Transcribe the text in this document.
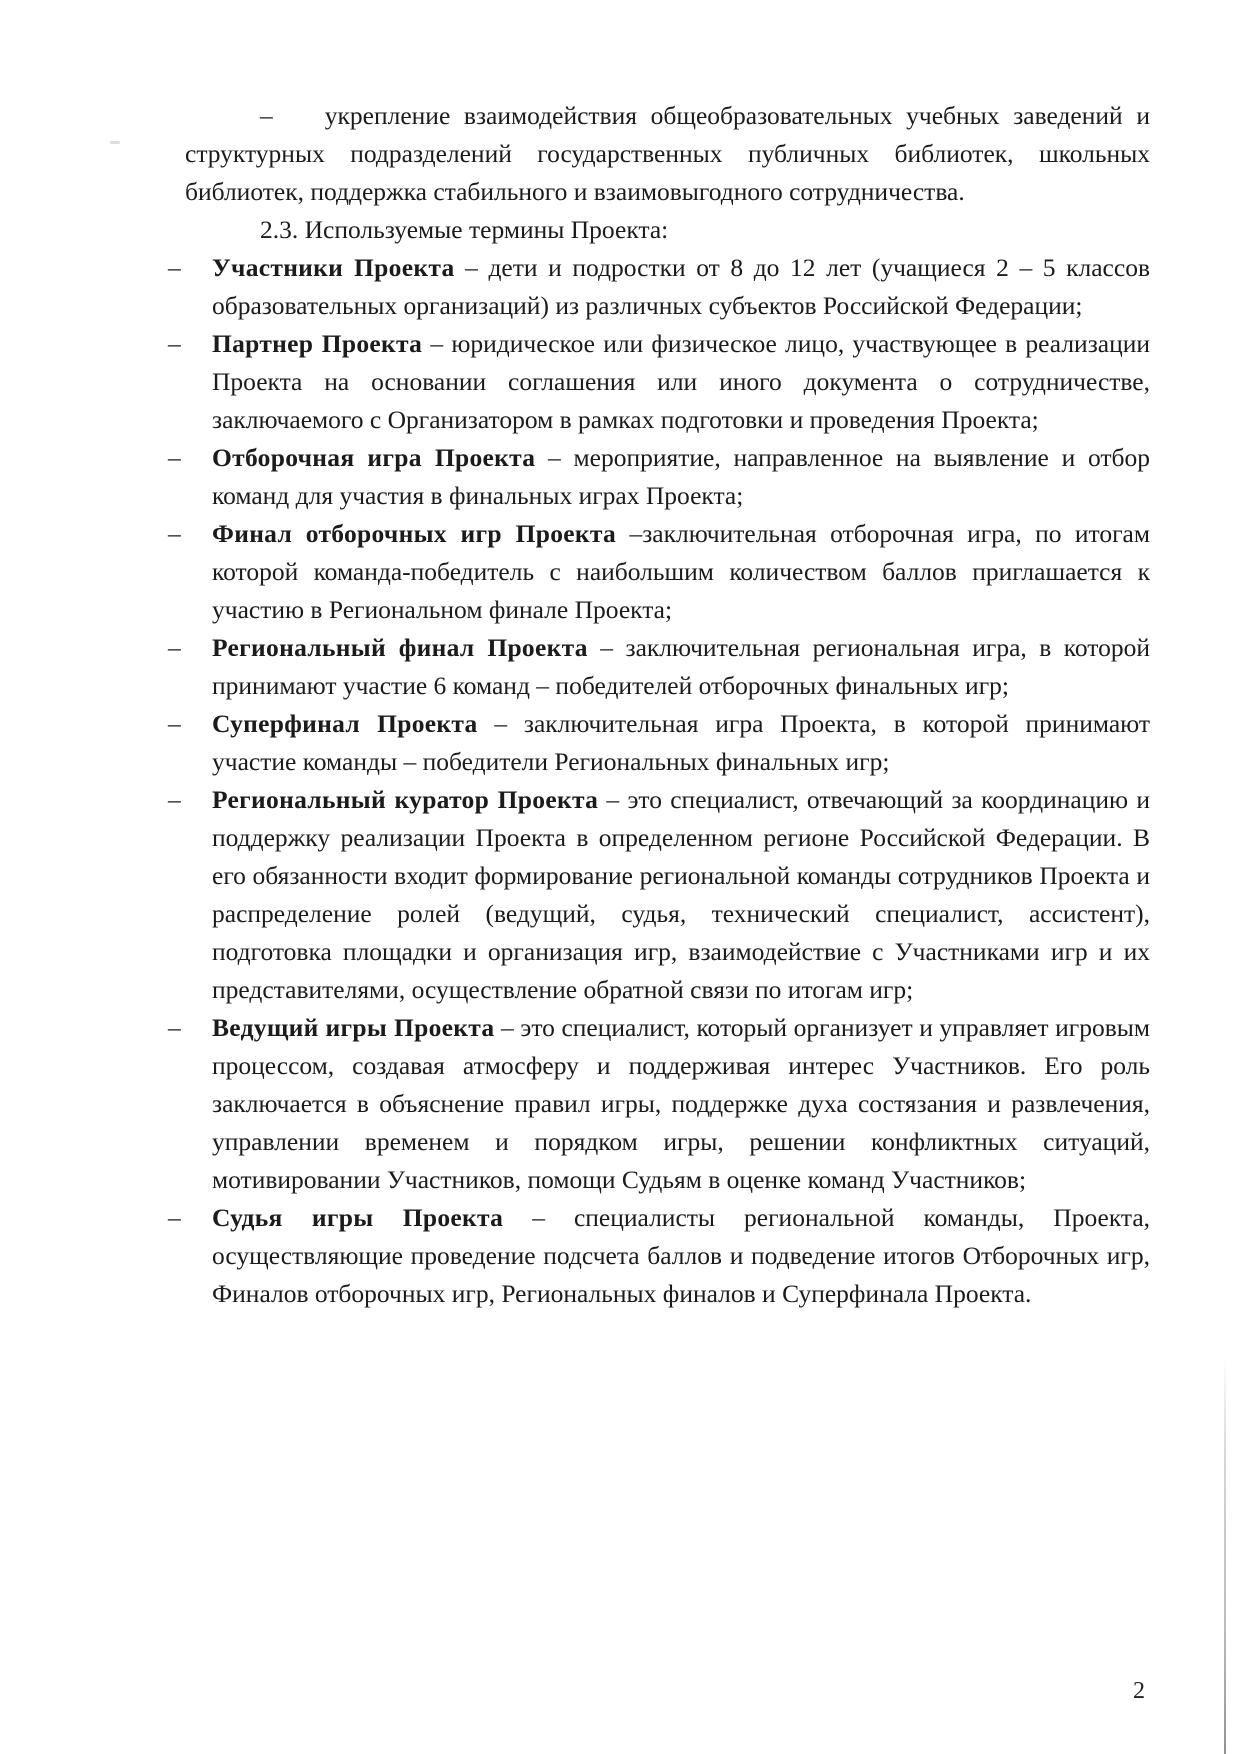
– укрепление взаимодействия общеобразовательных учебных заведений и структурных подразделений государственных публичных библиотек, школьных библиотек, поддержка стабильного и взаимовыгодного сотрудничества.

2.3. Используемые термины Проекта:

– Участники Проекта – дети и подростки от 8 до 12 лет (учащиеся 2 – 5 классов образовательных организаций) из различных субъектов Российской Федерации;
– Партнер Проекта – юридическое или физическое лицо, участвующее в реализации Проекта на основании соглашения или иного документа о сотрудничестве, заключаемого с Организатором в рамках подготовки и проведения Проекта;
– Отборочная игра Проекта – мероприятие, направленное на выявление и отбор команд для участия в финальных играх Проекта;
– Финал отборочных игр Проекта –заключительная отборочная игра, по итогам которой команда-победитель с наибольшим количеством баллов приглашается к участию в Региональном финале Проекта;
– Региональный финал Проекта – заключительная региональная игра, в которой принимают участие 6 команд – победителей отборочных финальных игр;
– Суперфинал Проекта – заключительная игра Проекта, в которой принимают участие команды – победители Региональных финальных игр;
– Региональный куратор Проекта – это специалист, отвечающий за координацию и поддержку реализации Проекта в определенном регионе Российской Федерации. В его обязанности входит формирование региональной команды сотрудников Проекта и распределение ролей (ведущий, судья, технический специалист, ассистент), подготовка площадки и организация игр, взаимодействие с Участниками игр и их представителями, осуществление обратной связи по итогам игр;
– Ведущий игры Проекта – это специалист, который организует и управляет игровым процессом, создавая атмосферу и поддерживая интерес Участников. Его роль заключается в объяснение правил игры, поддержке духа состязания и развлечения, управлении временем и порядком игры, решении конфликтных ситуаций, мотивировании Участников, помощи Судьям в оценке команд Участников;
– Судья игры Проекта – специалисты региональной команды, Проекта, осуществляющие проведение подсчета баллов и подведение итогов Отборочных игр, Финалов отборочных игр, Региональных финалов и Суперфинала Проекта.
2
